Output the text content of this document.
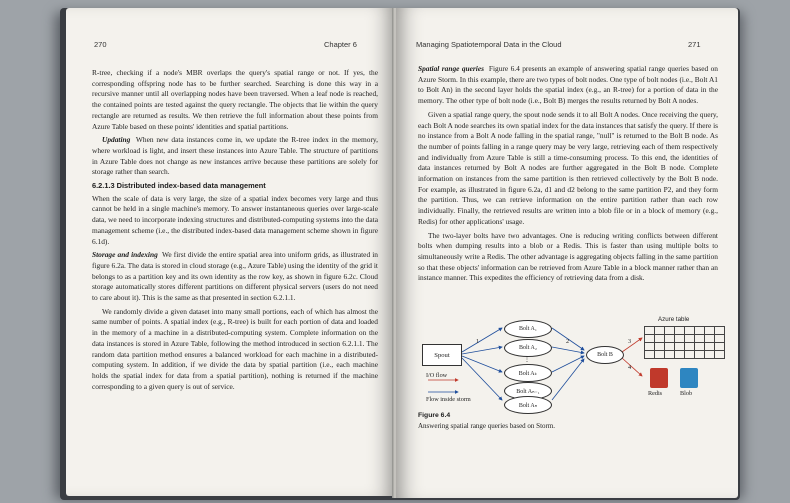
270	Chapter 6

R-tree, checking if a node's MBR overlaps the query's spatial range or not. If yes, the corresponding offspring node has to be further searched. Searching is done this way in a recursive manner until all overlapping nodes have been traversed. When a leaf node is reached, the contained points are tested against the query rectangle. The objects that lie within the query rectangle are returned as results. We then retrieve the full information about these points from Azure Table based on these points' identities and spatial partitions.

Updating When new data instances come in, we update the R-tree index in the memory, where workload is light, and insert these instances into Azure Table. The structure of partitions in Azure Table does not change as new instances arrive because these partitions are solely for storage rather than search.

6.2.1.3 Distributed index-based data management

When the scale of data is very large, the size of a spatial index becomes very large and thus cannot be held in a single machine's memory. To answer instantaneous queries over large-scale data, we need to incorporate indexing structures and distributed-computing systems into the data management scheme (i.e., the distributed index-based data management scheme shown in figure 6.1d).

Storage and indexing We first divide the entire spatial area into uniform grids, as illustrated in figure 6.2a. The data is stored in cloud storage (e.g., Azure Table) using the identity of the grid it belongs to as a partition key and its own identity as the row key, as shown in figure 6.2c. Cloud storage automatically stores different partitions on different physical servers (users do not need to care about it). This is the same as that presented in section 6.2.1.1.

We randomly divide a given dataset into many small portions, each of which has almost the same number of points. A spatial index (e.g., R-tree) is built for each portion of data and loaded in the memory of a machine in a distributed-computing system. Complete information on the data instances is stored in Azure Table, following the method introduced in section 6.2.1.1. The random data partition method ensures a balanced workload for each machine in a distributed-computing system. In addition, if we divide the data by spatial partition (i.e., each machine holds the spatial index for data from a spatial partition), nothing is returned if the machine corresponding to a given query is out of service.

Managing Spatiotemporal Data in the Cloud	271

Spatial range queries Figure 6.4 presents an example of answering spatial range queries based on Azure Storm. In this example, there are two types of bolt nodes. One type of bolt nodes (i.e., Bolt A1 to Bolt An) in the second layer holds the spatial index (e.g., an R-tree) for a portion of data in the memory. The other type of bolt node (i.e., Bolt B) merges the results returned by Bolt A nodes.

Given a spatial range query, the spout node sends it to all Bolt A nodes. Once receiving the query, each Bolt A node searches its own spatial index for the data instances that satisfy the query. If there is no instance from a Bolt A node falling in the spatial range, "null" is returned to the Bolt B node. As the number of points falling in a range query may be very large, retrieving each of them respectively and individually from Azure Table is still a time-consuming process. To this end, the identities of data instances returned by Bolt A nodes are further aggregated in the Bolt B node. Complete information on instances from the same partition is then retrieved collectively by the Bolt B node. For example, as illustrated in figure 6.2a, d1 and d2 belong to the same partition P2, and they form the partition. Thus, we can retrieve information on the entire partition rather than each row individually. Finally, the retrieved results are written into a blob file or in a block of memory (e.g., Redis) for other applications' usage.

The two-layer bolts have two advantages. One is reducing writing conflicts between different bolts when dumping results into a blob or a Redis. This is faster than using multiple bolts to simultaneously write a Redis. The other advantage is aggregating objects falling in the same partition so that these objects' information can be retrieved from Azure Table in a block manner rather than an instance manner. This expedites the efficiency of retrieving data from a disk.

Spout
Bolt A₁
Bolt A₂
⋮
Bolt Aₖ
Bolt Aₙ₋₁
Bolt Aₙ
Bolt B
1	2	3
4
Azure table

Redis	Blob
I/O flow
Flow inside storm
Figure 6.4
Answering spatial range queries based on Storm.
